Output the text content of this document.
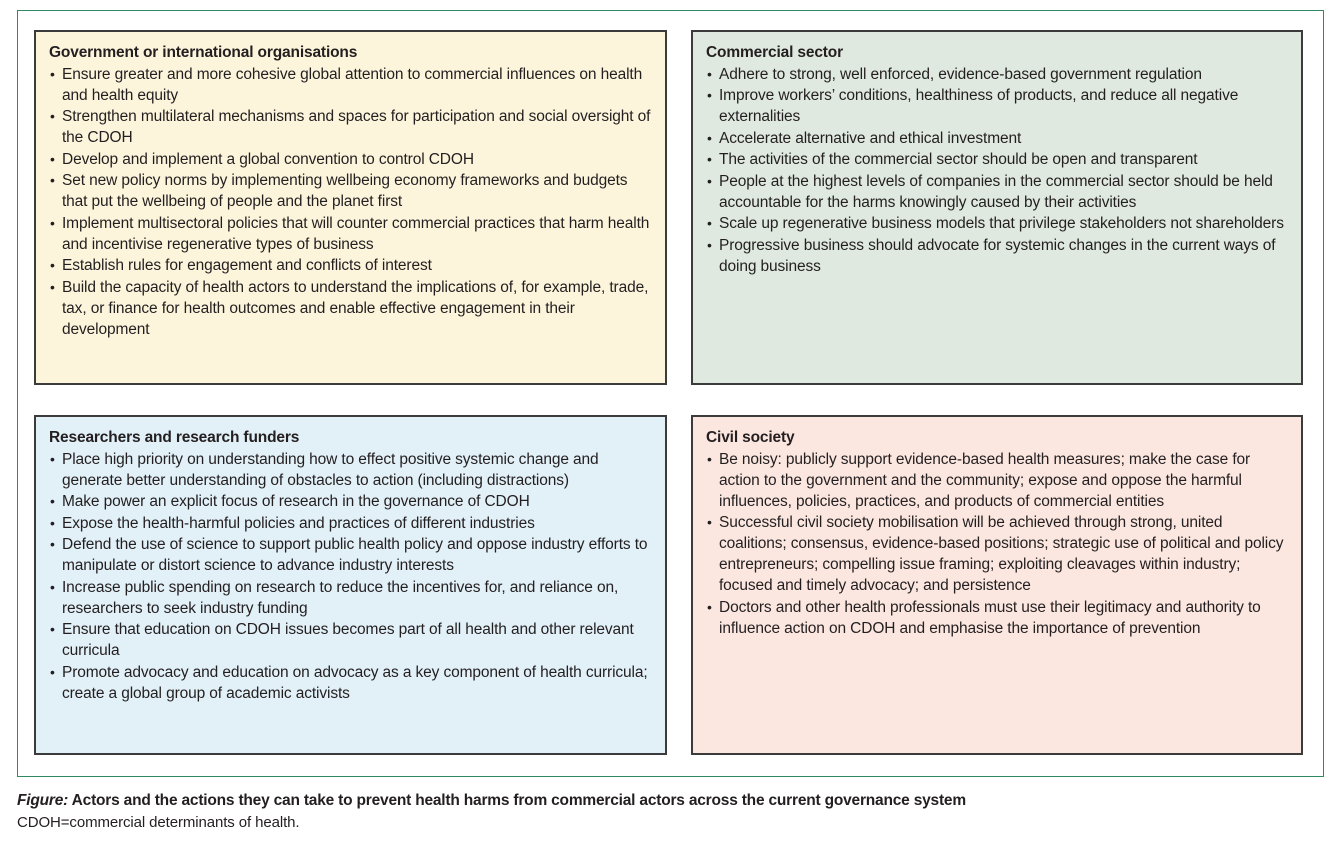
Government or international organisations
• Ensure greater and more cohesive global attention to commercial influences on health and health equity
• Strengthen multilateral mechanisms and spaces for participation and social oversight of the CDOH
• Develop and implement a global convention to control CDOH
• Set new policy norms by implementing wellbeing economy frameworks and budgets that put the wellbeing of people and the planet first
• Implement multisectoral policies that will counter commercial practices that harm health and incentivise regenerative types of business
• Establish rules for engagement and conflicts of interest
• Build the capacity of health actors to understand the implications of, for example, trade, tax, or finance for health outcomes and enable effective engagement in their development
Commercial sector
• Adhere to strong, well enforced, evidence-based government regulation
• Improve workers’ conditions, healthiness of products, and reduce all negative externalities
• Accelerate alternative and ethical investment
• The activities of the commercial sector should be open and transparent
• People at the highest levels of companies in the commercial sector should be held accountable for the harms knowingly caused by their activities
• Scale up regenerative business models that privilege stakeholders not shareholders
• Progressive business should advocate for systemic changes in the current ways of doing business
Researchers and research funders
• Place high priority on understanding how to effect positive systemic change and generate better understanding of obstacles to action (including distractions)
• Make power an explicit focus of research in the governance of CDOH
• Expose the health-harmful policies and practices of different industries
• Defend the use of science to support public health policy and oppose industry efforts to manipulate or distort science to advance industry interests
• Increase public spending on research to reduce the incentives for, and reliance on, researchers to seek industry funding
• Ensure that education on CDOH issues becomes part of all health and other relevant curricula
• Promote advocacy and education on advocacy as a key component of health curricula; create a global group of academic activists
Civil society
• Be noisy: publicly support evidence-based health measures; make the case for action to the government and the community; expose and oppose the harmful influences, policies, practices, and products of commercial entities
• Successful civil society mobilisation will be achieved through strong, united coalitions; consensus, evidence-based positions; strategic use of political and policy entrepreneurs; compelling issue framing; exploiting cleavages within industry; focused and timely advocacy; and persistence
• Doctors and other health professionals must use their legitimacy and authority to influence action on CDOH and emphasise the importance of prevention
Figure: Actors and the actions they can take to prevent health harms from commercial actors across the current governance system
CDOH=commercial determinants of health.
